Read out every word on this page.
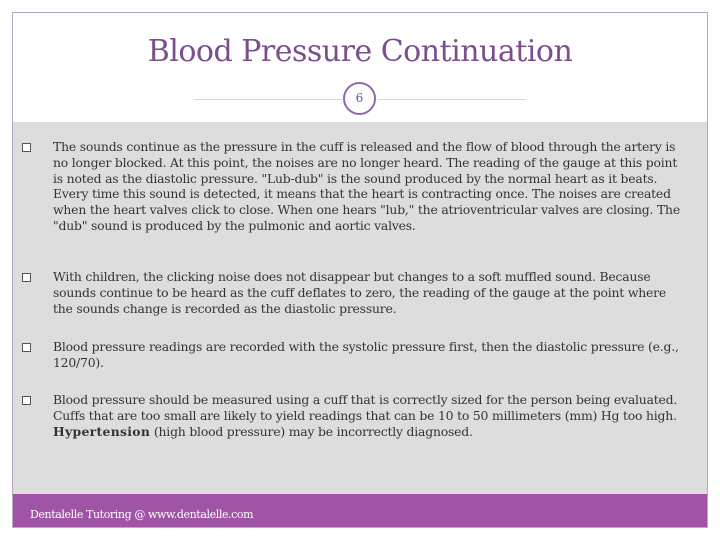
Blood Pressure Continuation
6
The sounds continue as the pressure in the cuff is released and the flow of blood through the artery is no longer blocked. At this point, the noises are no longer heard. The reading of the gauge at this point is noted as the diastolic pressure. "Lub-dub" is the sound produced by the normal heart as it beats. Every time this sound is detected, it means that the heart is contracting once. The noises are created when the heart valves click to close. When one hears "lub," the atrioventricular valves are closing. The "dub" sound is produced by the pulmonic and aortic valves.
With children, the clicking noise does not disappear but changes to a soft muffled sound. Because sounds continue to be heard as the cuff deflates to zero, the reading of the gauge at the point where the sounds change is recorded as the diastolic pressure.
Blood pressure readings are recorded with the systolic pressure first, then the diastolic pressure (e.g., 120/70).
Blood pressure should be measured using a cuff that is correctly sized for the person being evaluated. Cuffs that are too small are likely to yield readings that can be 10 to 50 millimeters (mm) Hg too high. Hypertension (high blood pressure) may be incorrectly diagnosed.
Dentalelle Tutoring @ www.dentalelle.com
